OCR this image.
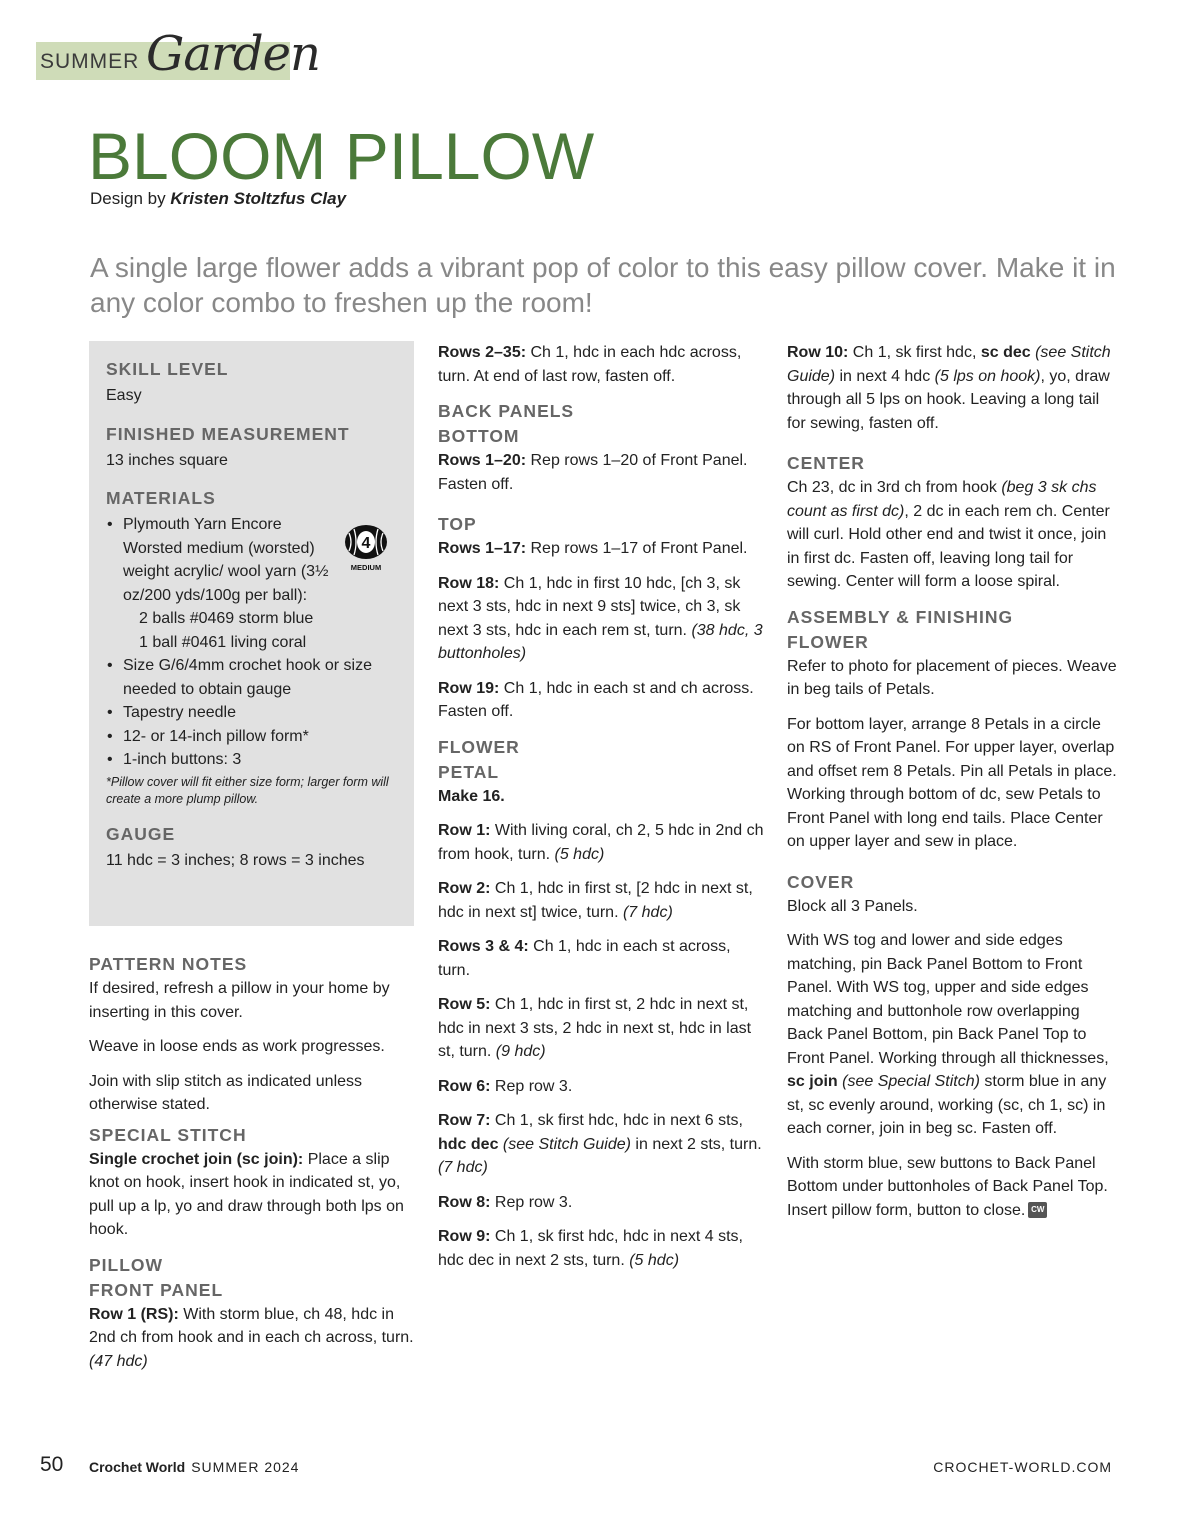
SUMMER Garden
BLOOM PILLOW
Design by Kristen Stoltzfus Clay
A single large flower adds a vibrant pop of color to this easy pillow cover. Make it in any color combo to freshen up the room!
SKILL LEVEL
Easy
FINISHED MEASUREMENT
13 inches square
MATERIALS
• Plymouth Yarn Encore Worsted medium (worsted) weight acrylic/ wool yarn (3½ oz/200 yds/100g per ball):
2 balls #0469 storm blue
1 ball #0461 living coral
• Size G/6/4mm crochet hook or size needed to obtain gauge
• Tapestry needle
• 12- or 14-inch pillow form*
• 1-inch buttons: 3
*Pillow cover will fit either size form; larger form will create a more plump pillow.
GAUGE
11 hdc = 3 inches; 8 rows = 3 inches
4
MEDIUM
PATTERN NOTES

If desired, refresh a pillow in your home by inserting in this cover.

Weave in loose ends as work progresses.

Join with slip stitch as indicated unless otherwise stated.

SPECIAL STITCH

Single crochet join (sc join): Place a slip knot on hook, insert hook in indicated st, yo, pull up a lp, yo and draw through both lps on hook.

PILLOW
FRONT PANEL

Row 1 (RS): With storm blue, ch 48, hdc in 2nd ch from hook and in each ch across, turn. (47 hdc)

Rows 2–35: Ch 1, hdc in each hdc across, turn. At end of last row, fasten off.

BACK PANELS
BOTTOM

Rows 1–20: Rep rows 1–20 of Front Panel. Fasten off.

TOP

Rows 1–17: Rep rows 1–17 of Front Panel.

Row 18: Ch 1, hdc in first 10 hdc, [ch 3, sk next 3 sts, hdc in next 9 sts] twice, ch 3, sk next 3 sts, hdc in each rem st, turn. (38 hdc, 3 buttonholes)

Row 19: Ch 1, hdc in each st and ch across. Fasten off.

FLOWER
PETAL

Make 16.

Row 1: With living coral, ch 2, 5 hdc in 2nd ch from hook, turn. (5 hdc)

Row 2: Ch 1, hdc in first st, [2 hdc in next st, hdc in next st] twice, turn. (7 hdc)

Rows 3 & 4: Ch 1, hdc in each st across, turn.

Row 5: Ch 1, hdc in first st, 2 hdc in next st, hdc in next 3 sts, 2 hdc in next st, hdc in last st, turn. (9 hdc)

Row 6: Rep row 3.

Row 7: Ch 1, sk first hdc, hdc in next 6 sts, hdc dec (see Stitch Guide) in next 2 sts, turn. (7 hdc)

Row 8: Rep row 3.

Row 9: Ch 1, sk first hdc, hdc in next 4 sts, hdc dec in next 2 sts, turn. (5 hdc)

Row 10: Ch 1, sk first hdc, sc dec (see Stitch Guide) in next 4 hdc (5 lps on hook), yo, draw through all 5 lps on hook. Leaving a long tail for sewing, fasten off.

CENTER

Ch 23, dc in 3rd ch from hook (beg 3 sk chs count as first dc), 2 dc in each rem ch. Center will curl. Hold other end and twist it once, join in first dc. Fasten off, leaving long tail for sewing. Center will form a loose spiral.

ASSEMBLY & FINISHING
FLOWER

Refer to photo for placement of pieces. Weave in beg tails of Petals.

For bottom layer, arrange 8 Petals in a circle on RS of Front Panel. For upper layer, overlap and offset rem 8 Petals. Pin all Petals in place. Working through bottom of dc, sew Petals to Front Panel with long end tails. Place Center on upper layer and sew in place.

COVER

Block all 3 Panels.

With WS tog and lower and side edges matching, pin Back Panel Bottom to Front Panel. With WS tog, upper and side edges matching and buttonhole row overlapping Back Panel Bottom, pin Back Panel Top to Front Panel. Working through all thicknesses, sc join (see Special Stitch) storm blue in any st, sc evenly around, working (sc, ch 1, sc) in each corner, join in beg sc. Fasten off.

With storm blue, sew buttons to Back Panel Bottom under buttonholes of Back Panel Top. Insert pillow form, button to close. CW

50 Crochet World SUMMER 2024	CROCHET-WORLD.COM
